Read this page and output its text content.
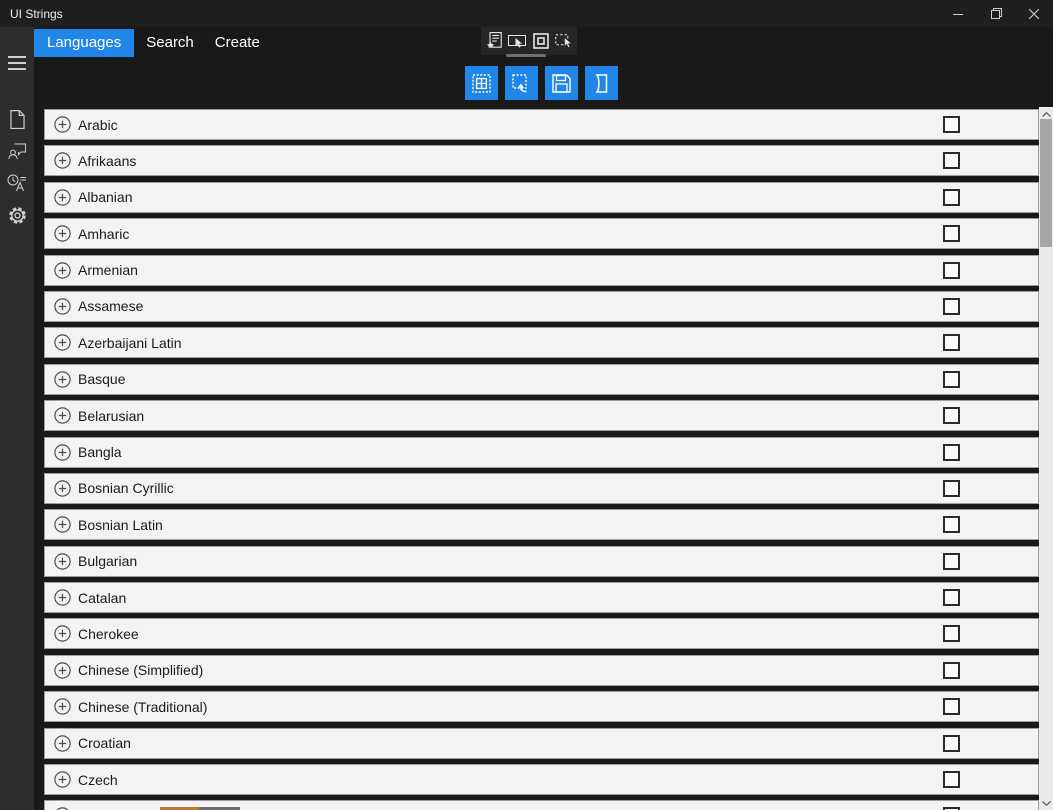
UI Strings
Languages	Search Create
Arabic
Afrikaans
Albanian
Amharic
Armenian
Assamese
Azerbaijani Latin
Basque
Belarusian
Bangla
Bosnian Cyrillic
Bosnian Latin
Bulgarian
Catalan
Cherokee
Chinese (Simplified)
Chinese (Traditional)
Croatian
Czech
